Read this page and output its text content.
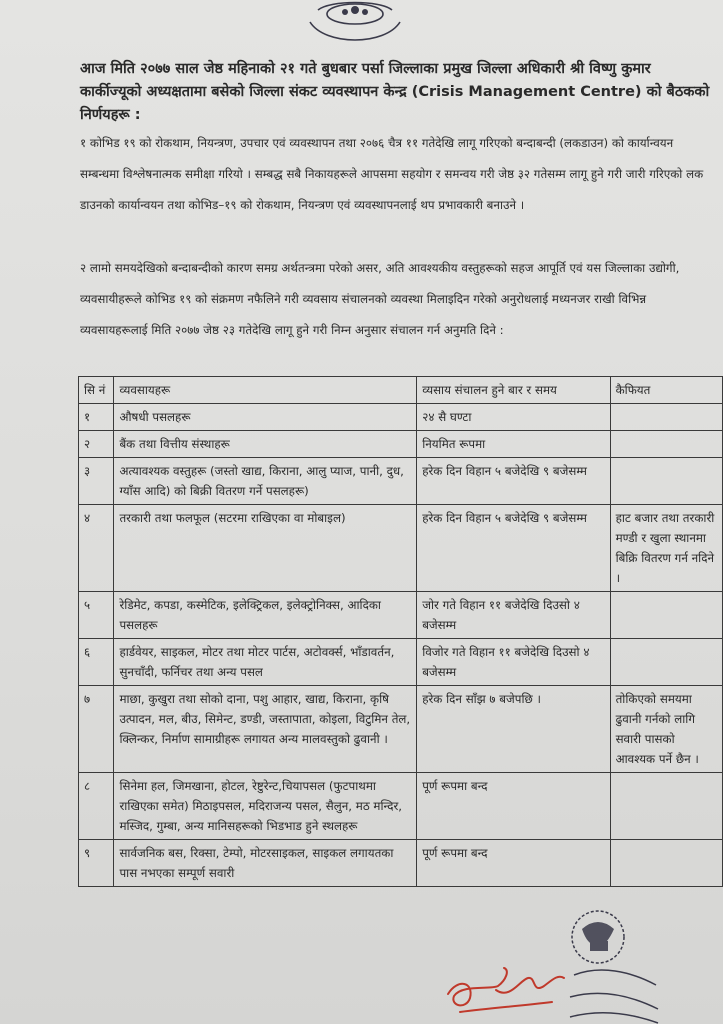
आज मिति २०७७ साल जेष्ठ महिनाको २१ गते बुधबार पर्सा जिल्लाका प्रमुख जिल्ला अधिकारी श्री विष्णु कुमार कार्कीज्यूको अध्यक्षतामा बसेको जिल्ला संकट व्यवस्थापन केन्द्र (Crisis Management Centre) को बैठकको निर्णयहरू :
१ कोभिड १९ को रोकथाम, नियन्त्रण, उपचार एवं व्यवस्थापन तथा २०७६ चैत्र ११ गतेदेखि लागू गरिएको बन्दाबन्दी (लकडाउन) को कार्यान्वयन सम्बन्धमा विश्लेषनात्मक समीक्षा गरियो । सम्बद्ध सबै निकायहरूले आपसमा सहयोग र समन्वय गरी जेष्ठ ३२ गतेसम्म लागू हुने गरी जारी गरिएको लक डाउनको कार्यान्वयन तथा कोभिड–१९ को रोकथाम, नियन्त्रण एवं व्यवस्थापनलाई थप प्रभावकारी बनाउने ।
२ लामो समयदेखिको बन्दाबन्दीको कारण समग्र अर्थतन्त्रमा परेको असर, अति आवश्यकीय वस्तुहरूको सहज आपूर्ति एवं यस जिल्लाका उद्योगी, व्यवसायीहरूले कोभिड १९ को संक्रमण नफैलिने गरी व्यवसाय संचालनको व्यवस्था मिलाइदिन गरेको अनुरोधलाई मध्यनजर राखी विभिन्न व्यवसायहरूलाई मिति २०७७ जेष्ठ २३ गतेदेखि लागू हुने गरी निम्न अनुसार संचालन गर्न अनुमति दिने :
सि नं	व्यवसायहरू	व्यसाय संचालन हुने बार र समय	कैफियत
१	औषधी पसलहरू	२४ सै घण्टा	
२	बैंक तथा वित्तीय संस्थाहरू	नियमित रूपमा	
३	अत्यावश्यक वस्तुहरू (जस्तो खाद्य, किराना, आलु प्याज, पानी, दुध, ग्याँस आदि) को बिक्री वितरण गर्ने पसलहरू)	हरेक दिन विहान ५ बजेदेखि ९ बजेसम्म	
४	तरकारी तथा फलफूल (सटरमा राखिएका वा मोबाइल)	हरेक दिन विहान ५ बजेदेखि ९ बजेसम्म	हाट बजार तथा तरकारी मण्डी र खुला स्थानमा बिक्रि वितरण गर्न नदिने ।
५	रेडिमेट, कपडा, कस्मेटिक, इलेक्ट्रिकल, इलेक्ट्रोनिक्स, आदिका पसलहरू	जोर गते विहान ११ बजेदेखि दिउसो ४ बजेसम्म	
६	हार्डवेयर, साइकल, मोटर तथा मोटर पार्टस, अटोवर्क्स, भाँडावर्तन, सुनचाँदी, फर्निचर तथा अन्य पसल	विजोर गते विहान ११ बजेदेखि दिउसो ४ बजेसम्म	
७	माछा, कुखुरा तथा सोको दाना, पशु आहार, खाद्य, किराना, कृषि उत्पादन, मल, बीउ, सिमेन्ट, डण्डी, जस्तापाता, कोइला, विटुमिन तेल, क्लिन्कर, निर्माण सामाग्रीहरू लगायत अन्य मालवस्तुको ढुवानी ।	हरेक दिन साँझ ७ बजेपछि ।	तोकिएको समयमा ढुवानी गर्नको लागि सवारी पासको आवश्यक पर्ने छैन ।
८	सिनेमा हल, जिमखाना, होटल, रेष्टुरेन्ट,चियापसल (फुटपाथमा राखिएका समेत) मिठाइपसल, मदिराजन्य पसल, सैलुन, मठ मन्दिर, मस्जिद, गुम्बा, अन्य मानिसहरूको भिडभाड हुने स्थलहरू	पूर्ण रूपमा बन्द	
९	सार्वजनिक बस, रिक्सा, टेम्पो, मोटरसाइकल, साइकल लगायतका पास नभएका सम्पूर्ण सवारी	पूर्ण रूपमा बन्द	
